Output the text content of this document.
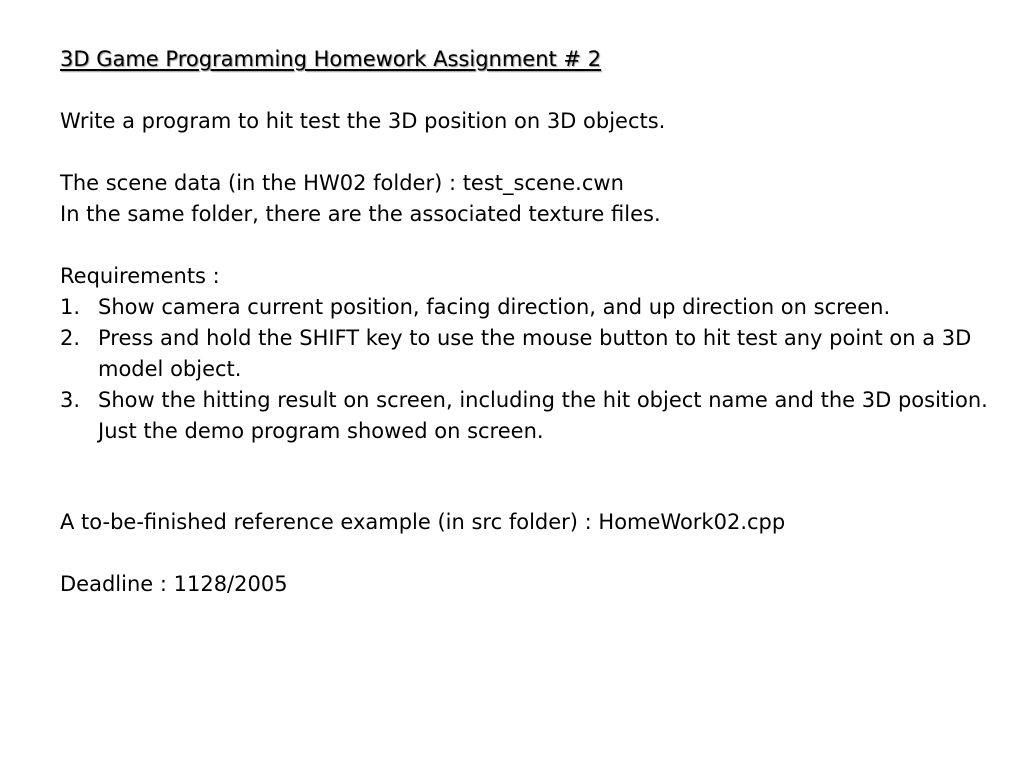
3D Game Programming Homework Assignment # 2

Write a program to hit test the 3D position on 3D objects.

The scene data (in the HW02 folder) : test_scene.cwn

In the same folder, there are the associated texture files.

Requirements :

1. Show camera current position, facing direction, and up direction on screen.
2. Press and hold the SHIFT key to use the mouse button to hit test any point on a 3D model object.
3. Show the hitting result on screen, including the hit object name and the 3D position. Just the demo program showed on screen.

A to-be-finished reference example (in src folder) : HomeWork02.cpp

Deadline : 1128/2005
